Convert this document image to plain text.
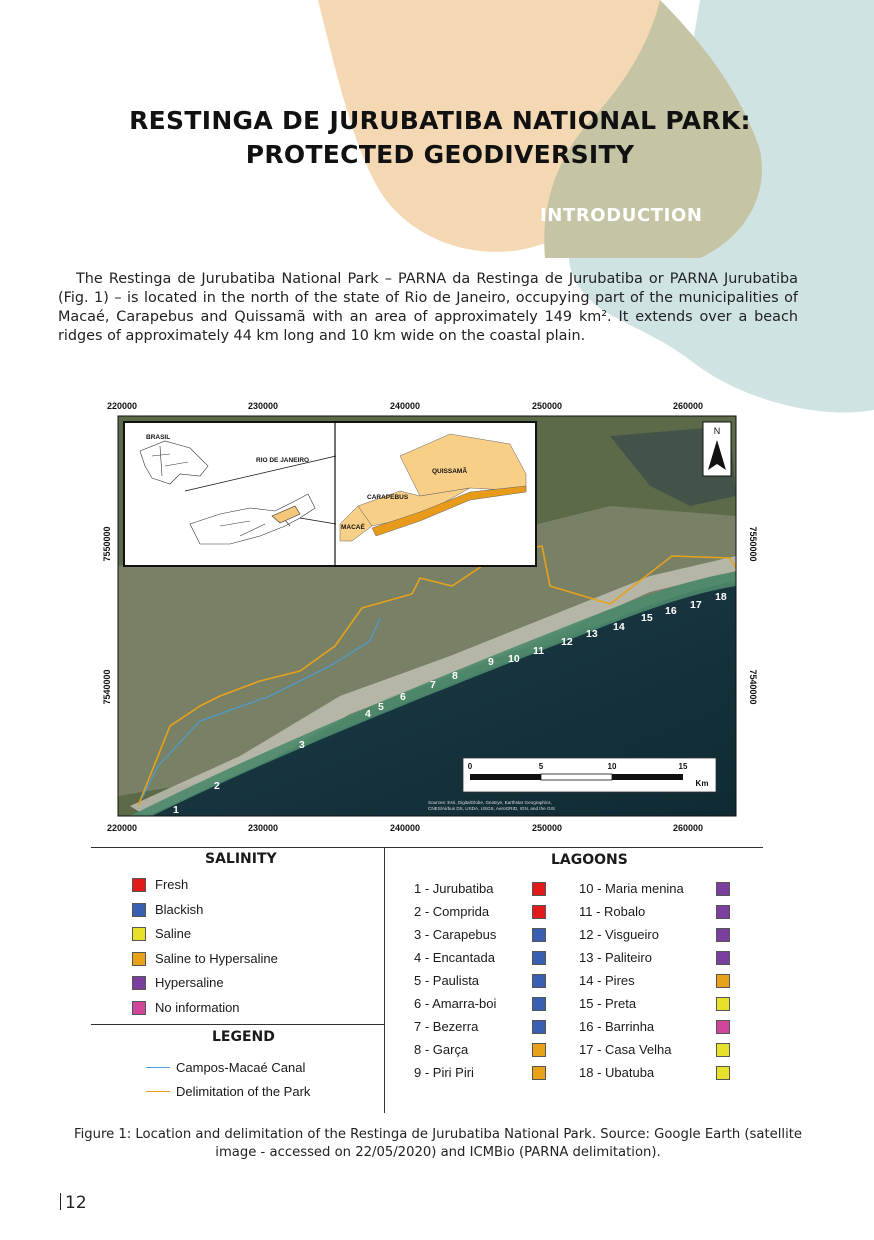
RESTINGA DE JURUBATIBA NATIONAL PARK:
PROTECTED GEODIVERSITY
INTRODUCTION

The Restinga de Jurubatiba National Park – PARNA da Restinga de Jurubatiba or PARNA Jurubatiba (Fig. 1) – is located in the north of the state of Rio de Janeiro, occupying part of the municipalities of Macaé, Carapebus and Quissamã with an area of approximately 149 km². It extends over a beach ridges of approximately 44 km long and 10 km wide on the coastal plain.

220000	230000	240000	250000	260000
220000	230000	240000	250000	260000
7550000
7540000
7550000
7540000
BRASIL
RIO DE JANEIRO
QUISSAMÃ
CARAPEBUS
MACAÉ
N
1
2
3
4
5
6
7
8
9 10
11
12
13
14
15
16 17
18
0	5	10	15
Km
Sources: Esri, DigitalGlobe, GeoEye, Earthstar Geographics,
CNES/Airbus DS, USDA, USGS, AeroGRID, IGN, and the GIS
SALINITY	LAGOONS
LEGEND
Fresh
Blackish
Saline
Saline to Hypersaline
Hypersaline
No information
1 - Jurubatiba
2 - Comprida
3 - Carapebus
4 - Encantada
5 - Paulista
6 - Amarra-boi
7 - Bezerra
8 - Garça
9 - Piri Piri
10 - Maria menina
11 - Robalo
12 - Visgueiro
13 - Paliteiro
14 - Pires
15 - Preta
16 - Barrinha
17 - Casa Velha
18 - Ubatuba
Campos-Macaé Canal
Delimitation of the Park

Figure 1: Location and delimitation of the Restinga de Jurubatiba National Park. Source: Google Earth (satellite image - accessed on 22/05/2020) and ICMBio (PARNA delimitation).

12
